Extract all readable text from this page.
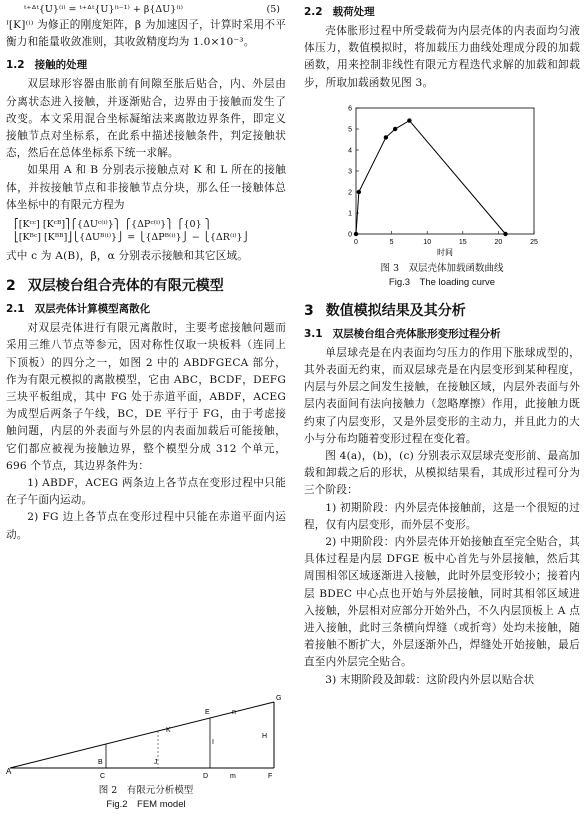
ᵗ⁺ᐞᵗ{U}⁽ⁱ⁾ = ᵗ⁺ᐞᵗ{U}⁽ⁱ⁻¹⁾ + β{ΔU}⁽ⁱ⁾	(5)

ᴵ[K]⁽ⁱ⁾ 为修正的刚度矩阵，β 为加速因子，计算时采用不平衡力和能量收敛准则，其收敛精度均为 1.0×10⁻³。

1.2 接触的处理

双层球形容器由胀前有间隙至胀后贴合，内、外层由分离状态进入接触，并逐渐贴合，边界由于接触而发生了改变。本文采用混合坐标凝缩法来离散边界条件，即定义接触节点对坐标系，在此系中描述接触条件，判定接触状态，然后在总体坐标系下统一求解。

如果用 A 和 B 分别表示接触点对 K 和 L 所在的接触体，并按接触节点和非接触节点分块，那么任一接触体总体坐标中的有限元方程为

⎡[Kᶜᶜ] [Kᶜᴮ]⎤⎧{ΔUᶜ⁽ⁱ⁾}⎫ ⎧{ΔPᶜ⁽ⁱ⁾}⎫ ⎧{0} ⎫
⎣[Kᴮᶜ] [Kᴮᴮ]⎦⎩{ΔUᴮ⁽ⁱ⁾}⎭ = ⎩{ΔPᴮ⁽ⁱ⁾}⎭ − ⎩{ΔR⁽ⁱ⁾}⎭

式中 c 为 A(B)，β，α 分别表示接触和其它区域。

2 双层棱台组合壳体的有限元模型
2.1 双层壳体计算模型离散化

对双层壳体进行有限元离散时，主要考虑接触问题而采用三维八节点等参元，因对称性仅取一块板料（连同上下顶板）的四分之一，如图 2 中的 ABDFGECA 部分，作为有限元模拟的离散模型，它由 ABC，BCDF，DEFG 三块平板组成，其中 FG 处于赤道平面，ABDF，ACEG 为成型后两条子午线，BC，DE 平行于 FG，由于考虑接触问题，内层的外表面与外层的内表面加载后可能接触，它们都应被视为接触边界，整个模型分成 312 个单元，696 个节点，其边界条件为：

1) ABDF，ACEG 两条边上各节点在变形过程中只能在子午面内运动。

2) FG 边上各节点在变形过程中只能在赤道平面内运动。

A
B
C	D
E
F
G
H
I
J
K
m
n

图 2　有限元分析模型

Fig.2　FEM model

2.2 载荷处理

壳体胀形过程中所受载荷为内层壳体的内表面均匀液体压力，数值模拟时，将加载压力曲线处理成分段的加载函数，用来控制非线性有限元方程迭代求解的加载和卸载步，所取加载函数见图 3。

0	5	10	15	20	25
0
1
2
3
4
5
6
时间

图 3　双层壳体加载函数曲线

Fig.3　The loading curve

3 数值模拟结果及其分析
3.1 双层棱台组合壳体胀形变形过程分析

单层球壳是在内表面均匀压力的作用下胀球成型的，其外表面无约束，而双层球壳是在内层变形到某种程度，内层与外层之间发生接触，在接触区域，内层外表面与外层内表面间有法向接触力（忽略摩擦）作用，此接触力既约束了内层变形，又是外层变形的主动力，并且此力的大小与分布均随着变形过程在变化着。

图 4(a)，(b)，(c) 分别表示双层球壳变形前、最高加载和卸载之后的形状，从模拟结果看，其成形过程可分为三个阶段：

1) 初期阶段：内外层壳体接触前，这是一个很短的过程，仅有内层变形，而外层不变形。

2) 中期阶段：内外层壳体开始接触直至完全贴合，其具体过程是内层 DFGE 板中心首先与外层接触，然后其周围相邻区域逐渐进入接触，此时外层变形较小；接着内层 BDEC 中心点也开始与外层接触，同时其相邻区域进入接触，外层相对应部分开始外凸，不久内层顶板上 A 点进入接触，此时三条横向焊缝（或折弯）处均未接触，随着接触不断扩大，外层逐渐外凸，焊缝处开始接触，最后直至内外层完全贴合。

3) 末期阶段及卸载：这阶段内外层以贴合状
